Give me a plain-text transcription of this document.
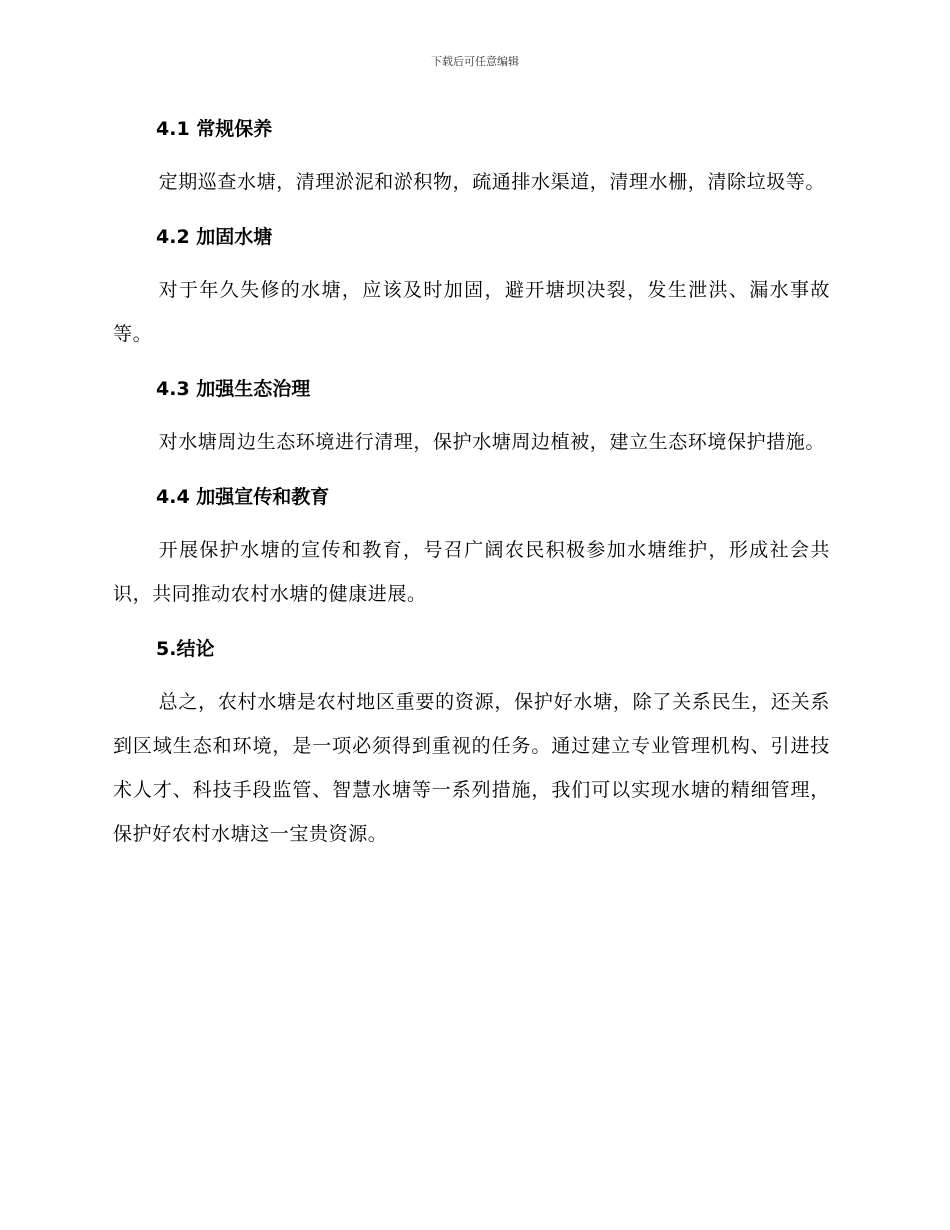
下载后可任意编辑
4.1 常规保养

定期巡查水塘，清理淤泥和淤积物，疏通排水渠道，清理水栅，清除垃圾等。

4.2 加固水塘

对于年久失修的水塘，应该及时加固，避开塘坝决裂，发生泄洪、漏水事故等。

4.3 加强生态治理

对水塘周边生态环境进行清理，保护水塘周边植被，建立生态环境保护措施。

4.4 加强宣传和教育

开展保护水塘的宣传和教育，号召广阔农民积极参加水塘维护，形成社会共识，共同推动农村水塘的健康进展。

5.结论

总之，农村水塘是农村地区重要的资源，保护好水塘，除了关系民生，还关系到区域生态和环境，是一项必须得到重视的任务。通过建立专业管理机构、引进技术人才、科技手段监管、智慧水塘等一系列措施，我们可以实现水塘的精细管理，保护好农村水塘这一宝贵资源。
